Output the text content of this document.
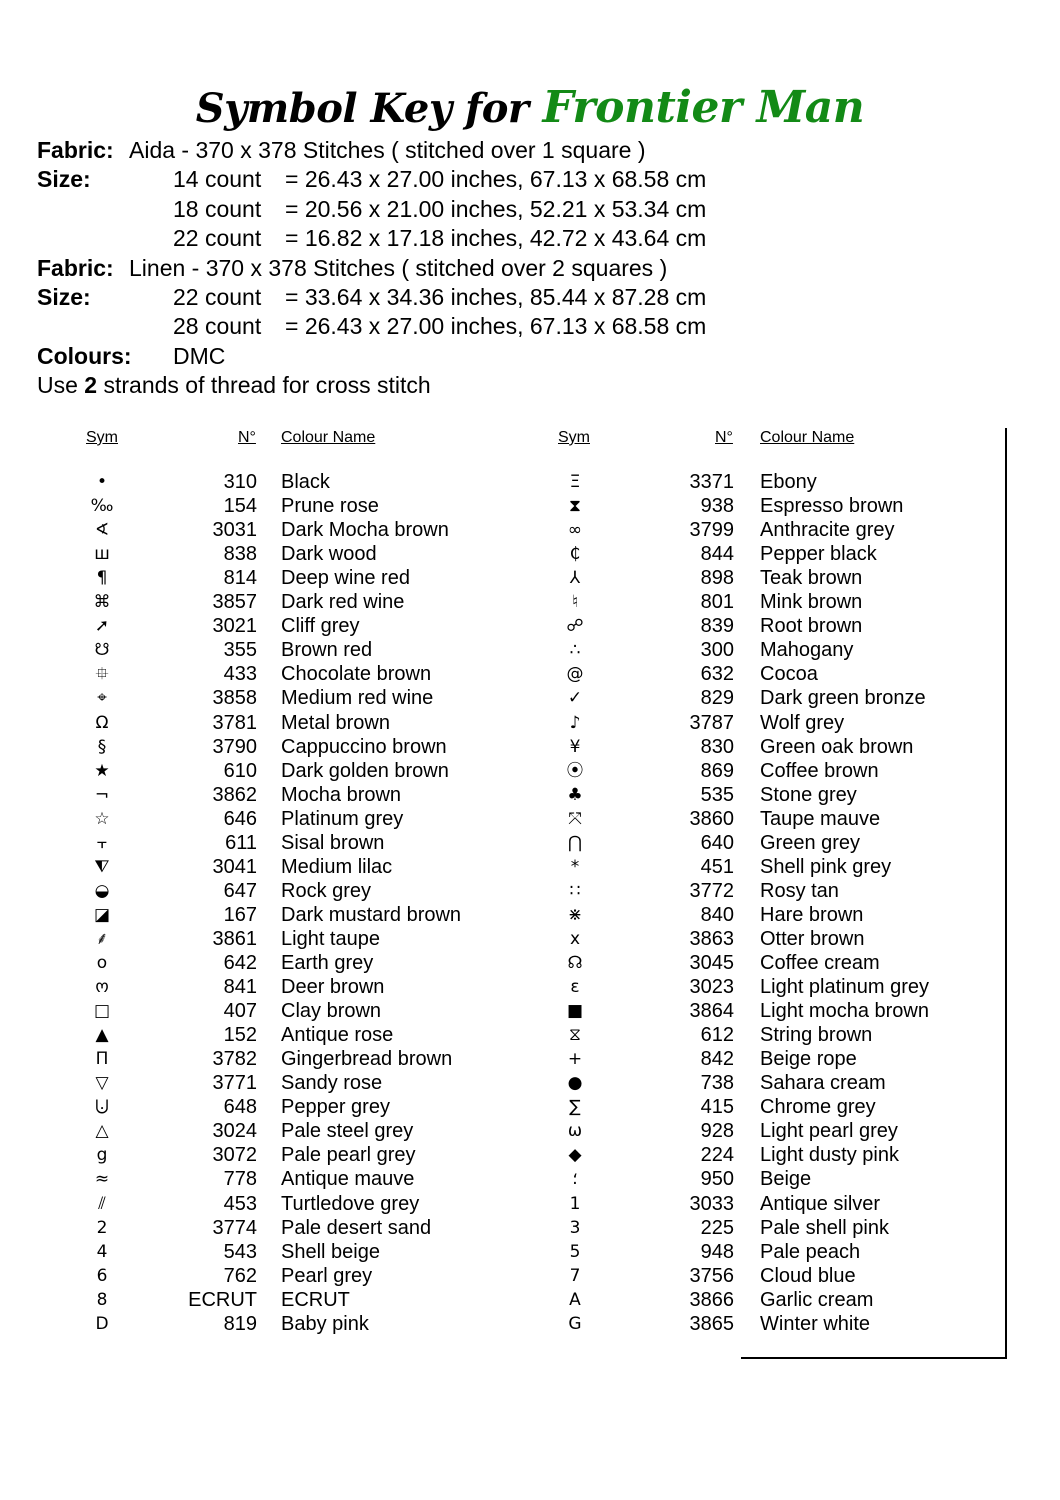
Symbol Key for Frontier Man
Fabric: Aida - 370 x 378 Stitches ( stitched over 1 square )
Size:	14 count = 26.43 x 27.00 inches, 67.13 x 68.58 cm
18 count = 20.56 x 21.00 inches, 52.21 x 53.34 cm
22 count = 16.82 x 17.18 inches, 42.72 x 43.64 cm
Fabric: Linen - 370 x 378 Stitches ( stitched over 2 squares )
Size:	22 count = 33.64 x 34.36 inches, 85.44 x 87.28 cm
28 count = 26.43 x 27.00 inches, 67.13 x 68.58 cm
Colours: DMC
Use 2 strands of thread for cross stitch
Sym	N° Colour Name	Sym	N° Colour Name
•	310 Black
‰	154 Prune rose
∢	3031 Dark Mocha brown
ш	838 Dark wood
¶	814 Deep wine red
⌘	3857 Dark red wine
➚	3021 Cliff grey
☋	355 Brown red
⯐	433 Chocolate brown
⌖	3858 Medium red wine
Ω	3781 Metal brown
§	3790 Cappuccino brown
★	610 Dark golden brown
¬	3862 Mocha brown
☆	646 Platinum grey
⫟	611 Sisal brown
⧨	3041 Medium lilac
◒	647 Rock grey
◪	167 Dark mustard brown
⸙	3861 Light taupe
o	642 Earth grey
ო	841 Deer brown
□	407 Clay brown
▲	152 Antique rose
Π	3782 Gingerbread brown
▽	3771 Sandy rose
⨃	648 Pepper grey
△	3024 Pale steel grey
g	3072 Pale pearl grey
≈	778 Antique mauve
⫽	453 Turtledove grey
2	3774 Pale desert sand
4	543 Shell beige
6	762 Pearl grey
8	ECRUT ECRUT
D	819 Baby pink
Ξ	3371 Ebony
⧗	938 Espresso brown
∞	3799 Anthracite grey
₵	844 Pepper black
⅄	898 Teak brown
♮	801 Mink brown
☍	839 Root brown
∴	300 Mahogany
@	632 Cocoa
✓	829 Dark green bronze
♪	3787 Wolf grey
¥	830 Green oak brown
⦿	869 Coffee brown
♣	535 Stone grey
⤧	3860 Taupe mauve
⋂	640 Green grey
*	451 Shell pink grey
∷	3772 Rosy tan
⋇	840 Hare brown
x	3863 Otter brown
☊	3045 Coffee cream
ε	3023 Light platinum grey
■	3864 Light mocha brown
⧖	612 String brown
+	842 Beige rope
●	738 Sahara cream
∑	415 Chrome grey
ω	928 Light pearl grey
◆	224 Light dusty pink
؛	950 Beige
1	3033 Antique silver
3	225 Pale shell pink
5	948 Pale peach
7	3756 Cloud blue
A	3866 Garlic cream
G	3865 Winter white
